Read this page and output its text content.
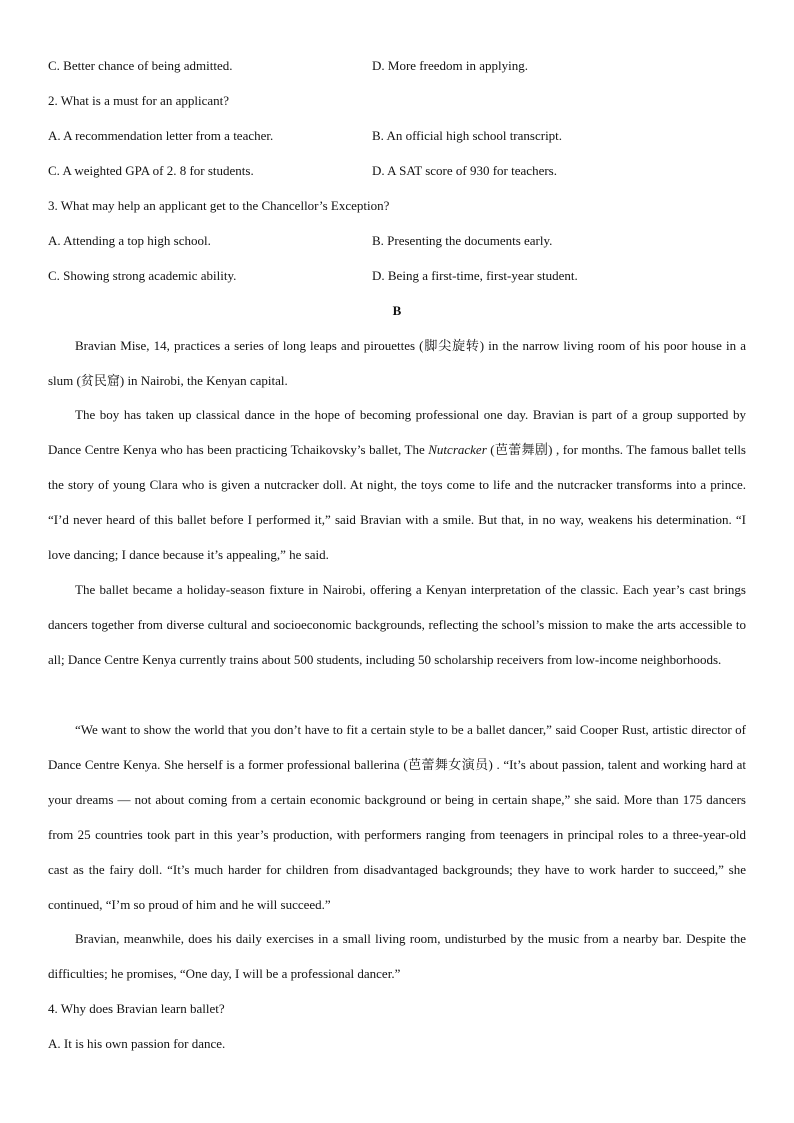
C. Better chance of being admitted.	D. More freedom in applying.
2. What is a must for an applicant?
A. A recommendation letter from a teacher.	B. An official high school transcript.
C. A weighted GPA of 2. 8 for students.	D. A SAT score of 930 for teachers.
3. What may help an applicant get to the Chancellor’s Exception?
A. Attending a top high school.	B. Presenting the documents early.
C. Showing strong academic ability.	D. Being a first-time, first-year student.
B
Bravian Mise, 14, practices a series of long leaps and pirouettes (脚尖旋转) in the narrow living room of his poor house in a slum (贫民窟) in Nairobi, the Kenyan capital.
The boy has taken up classical dance in the hope of becoming professional one day. Bravian is part of a group supported by Dance Centre Kenya who has been practicing Tchaikovsky’s ballet, The Nutcracker (芭蕾舞剧) , for months. The famous ballet tells the story of young Clara who is given a nutcracker doll. At night, the toys come to life and the nutcracker transforms into a prince. “I’d never heard of this ballet before I performed it,” said Bravian with a smile. But that, in no way, weakens his determination. “I love dancing; I dance because it’s appealing,” he said.
The ballet became a holiday-season fixture in Nairobi, offering a Kenyan interpretation of the classic. Each year’s cast brings dancers together from diverse cultural and socioeconomic backgrounds, reflecting the school’s mission to make the arts accessible to all; Dance Centre Kenya currently trains about 500 students, including 50 scholarship receivers from low-income neighborhoods.
“We want to show the world that you don’t have to fit a certain style to be a ballet dancer,” said Cooper Rust, artistic director of Dance Centre Kenya. She herself is a former professional ballerina (芭蕾舞女演员) . “It’s about passion, talent and working hard at your dreams — not about coming from a certain economic background or being in certain shape,” she said. More than 175 dancers from 25 countries took part in this year’s production, with performers ranging from teenagers in principal roles to a three-year-old cast as the fairy doll. “It’s much harder for children from disadvantaged backgrounds; they have to work harder to succeed,” she continued, “I’m so proud of him and he will succeed.”
Bravian, meanwhile, does his daily exercises in a small living room, undisturbed by the music from a nearby bar. Despite the difficulties; he promises, “One day, I will be a professional dancer.”
4. Why does Bravian learn ballet?
A. It is his own passion for dance.
